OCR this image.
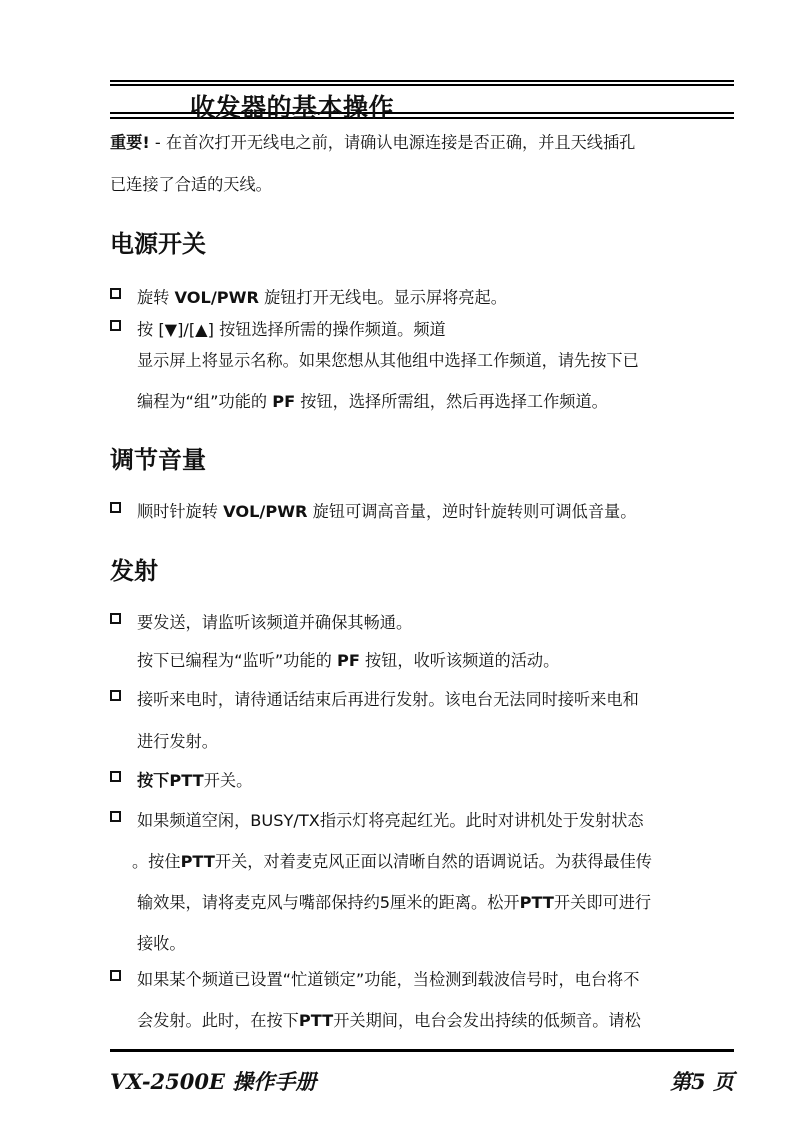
收发器的基本操作

重要! - 在首次打开无线电之前，请确认电源连接是否正确，并且天线插孔

已连接了合适的天线。

电源开关
旋转 VOL/PWR 旋钮打开无线电。显示屏将亮起。
按 [▼]/[▲] 按钮选择所需的操作频道。频道
显示屏上将显示名称。如果您想从其他组中选择工作频道，请先按下已
编程为“组”功能的 PF 按钮，选择所需组，然后再选择工作频道。
调节音量
顺时针旋转 VOL/PWR 旋钮可调高音量，逆时针旋转则可调低音量。
发射
要发送，请监听该频道并确保其畅通。
按下已编程为“监听”功能的 PF 按钮，收听该频道的活动。
接听来电时，请待通话结束后再进行发射。该电台无法同时接听来电和
进行发射。
按下PTT开关。
如果频道空闲，BUSY/TX指示灯将亮起红光。此时对讲机处于发射状态
。按住PTT开关，对着麦克风正面以清晰自然的语调说话。为获得最佳传
输效果，请将麦克风与嘴部保持约5厘米的距离。松开PTT开关即可进行
接收。
如果某个频道已设置“忙道锁定”功能，当检测到载波信号时，电台将不
会发射。此时，在按下PTT开关期间，电台会发出持续的低频音。请松

VX-2500E 操作手册	第5 页
